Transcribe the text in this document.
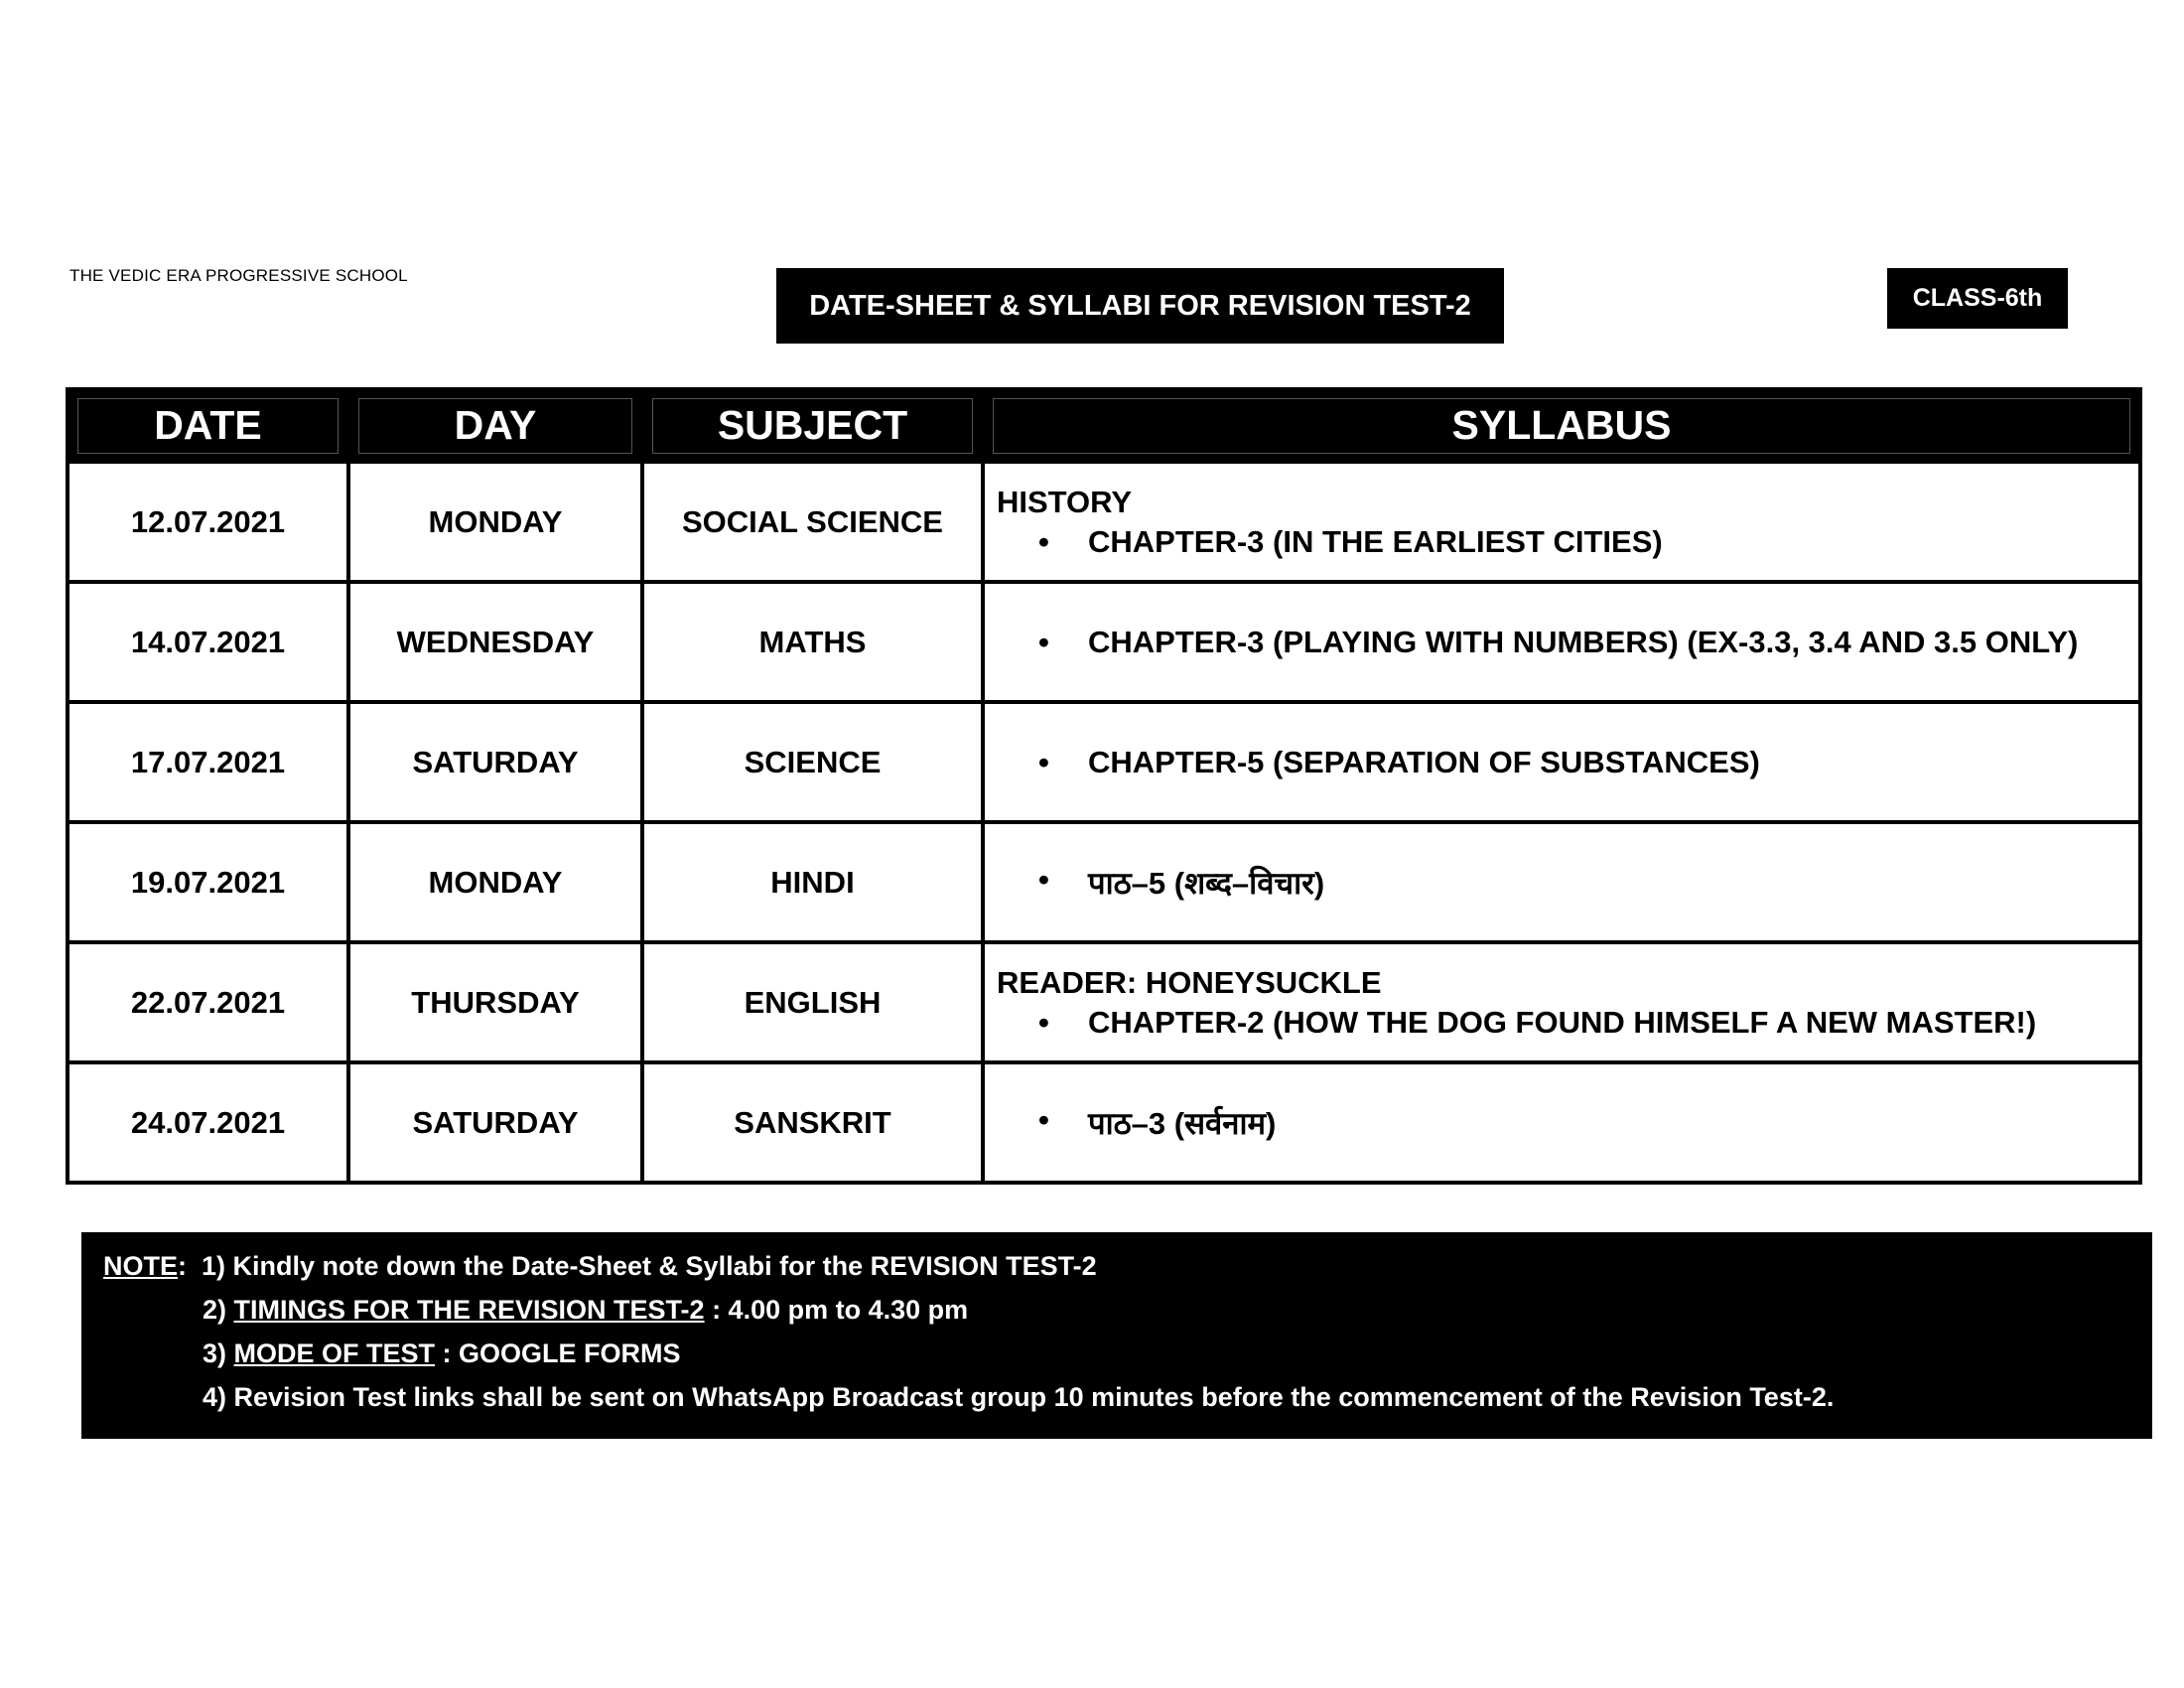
THE VEDIC ERA PROGRESSIVE SCHOOL
DATE-SHEET & SYLLABI FOR REVISION TEST-2	CLASS-6th
DATE	DAY	SUBJECT	SYLLABUS

12.07.2021	MONDAY	SOCIAL SCIENCE	HISTORY
• CHAPTER-3 (IN THE EARLIEST CITIES)

14.07.2021	WEDNESDAY	MATHS	• CHAPTER-3 (PLAYING WITH NUMBERS) (EX-3.3, 3.4 AND 3.5 ONLY)

17.07.2021	SATURDAY	SCIENCE	• CHAPTER-5 (SEPARATION OF SUBSTANCES)

19.07.2021	MONDAY	HINDI	• पाठ–5 (शब्द–विचार)

22.07.2021	THURSDAY	ENGLISH	READER: HONEYSUCKLE
• CHAPTER-2 (HOW THE DOG FOUND HIMSELF A NEW MASTER!)

24.07.2021	SATURDAY	SANSKRIT	• पाठ–3 (सर्वनाम)
NOTE:  1) Kindly note down the Date-Sheet & Syllabi for the REVISION TEST-2
2) TIMINGS FOR THE REVISION TEST-2 : 4.00 pm to 4.30 pm
3) MODE OF TEST : GOOGLE FORMS
4) Revision Test links shall be sent on WhatsApp Broadcast group 10 minutes before the commencement of the Revision Test-2.
